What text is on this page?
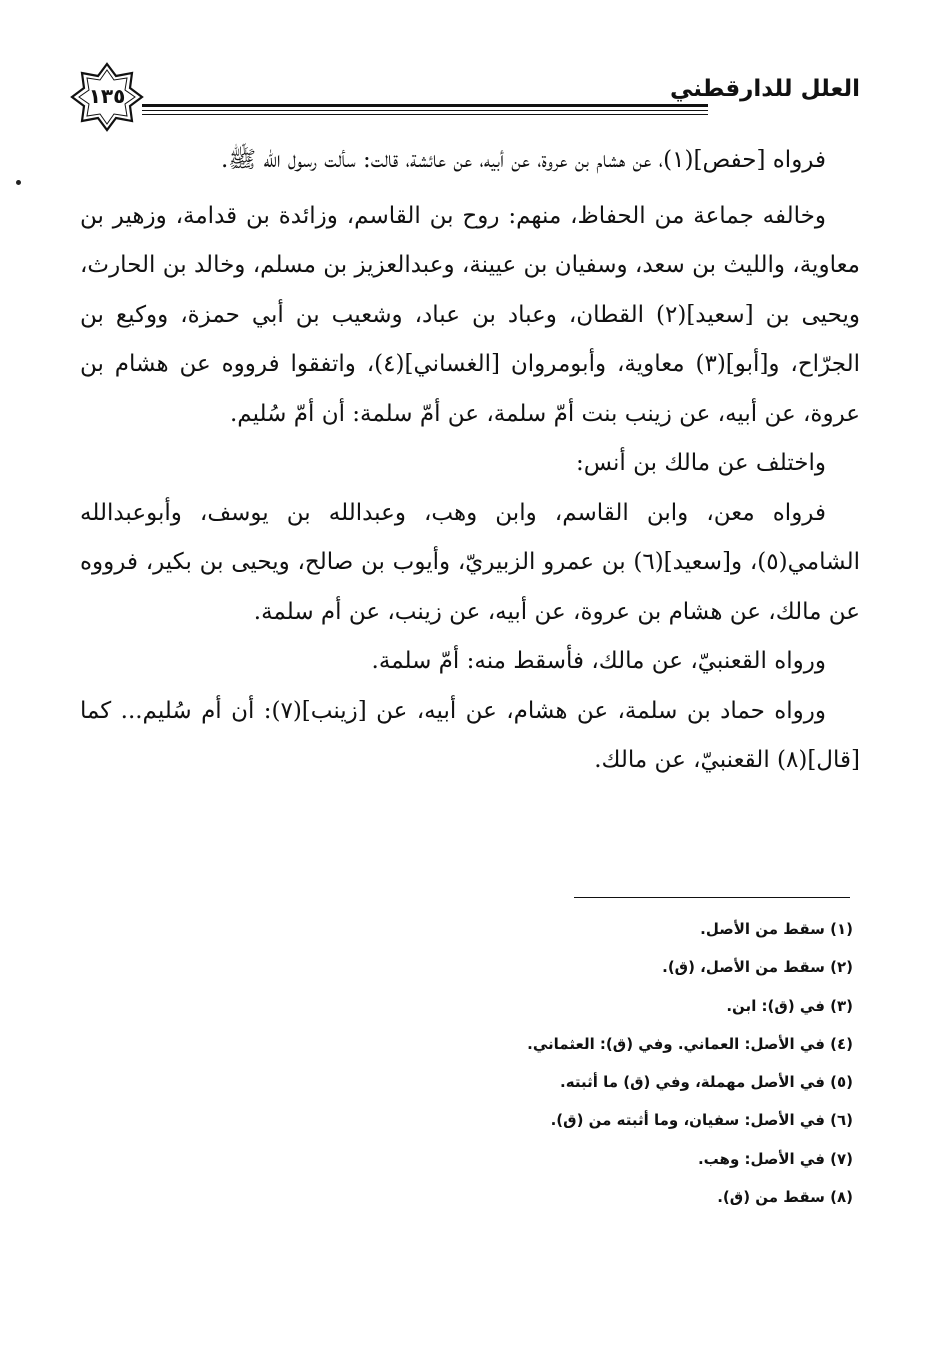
العلل للدارقطني
١٣٥

فرواه [حفص](١)، عن هشام بن عروة، عن أبيه، عن عائشة، قالت: سألت رسول الله ﷺ.

وخالفه جماعة من الحفاظ، منهم: روح بن القاسم، وزائدة بن قدامة، وزهير بن معاوية، والليث بن سعد، وسفيان بن عيينة، وعبدالعزيز بن مسلم، وخالد بن الحارث، ويحيى بن [سعيد](٢) القطان، وعباد بن عباد، وشعيب بن أبي حمزة، ووكيع بن الجرّاح، و[أبو](٣) معاوية، وأبومروان [الغساني](٤)، واتفقوا فرووه عن هشام بن عروة، عن أبيه، عن زينب بنت أمّ سلمة، عن أمّ سلمة: أن أمّ سُليم.

واختلف عن مالك بن أنس:

فرواه معن، وابن القاسم، وابن وهب، وعبدالله بن يوسف، وأبوعبدالله الشامي(٥)، و[سعيد](٦) بن عمرو الزبيريّ، وأيوب بن صالح، ويحيى بن بكير، فرووه عن مالك، عن هشام بن عروة، عن أبيه، عن زينب، عن أم سلمة.

ورواه القعنبيّ، عن مالك، فأسقط منه: أمّ سلمة.

ورواه حماد بن سلمة، عن هشام، عن أبيه، عن [زينب](٧): أن أم سُليم... كما [قال](٨) القعنبيّ، عن مالك.

(١) سقط من الأصل.
(٢) سقط من الأصل، (ق).
(٣) في (ق): ابن.
(٤) في الأصل: العماني. وفي (ق): العثماني.
(٥) في الأصل مهملة، وفي (ق) ما أثبته.
(٦) في الأصل: سفيان، وما أثبته من (ق).
(٧) في الأصل: وهب.
(٨) سقط من (ق).
